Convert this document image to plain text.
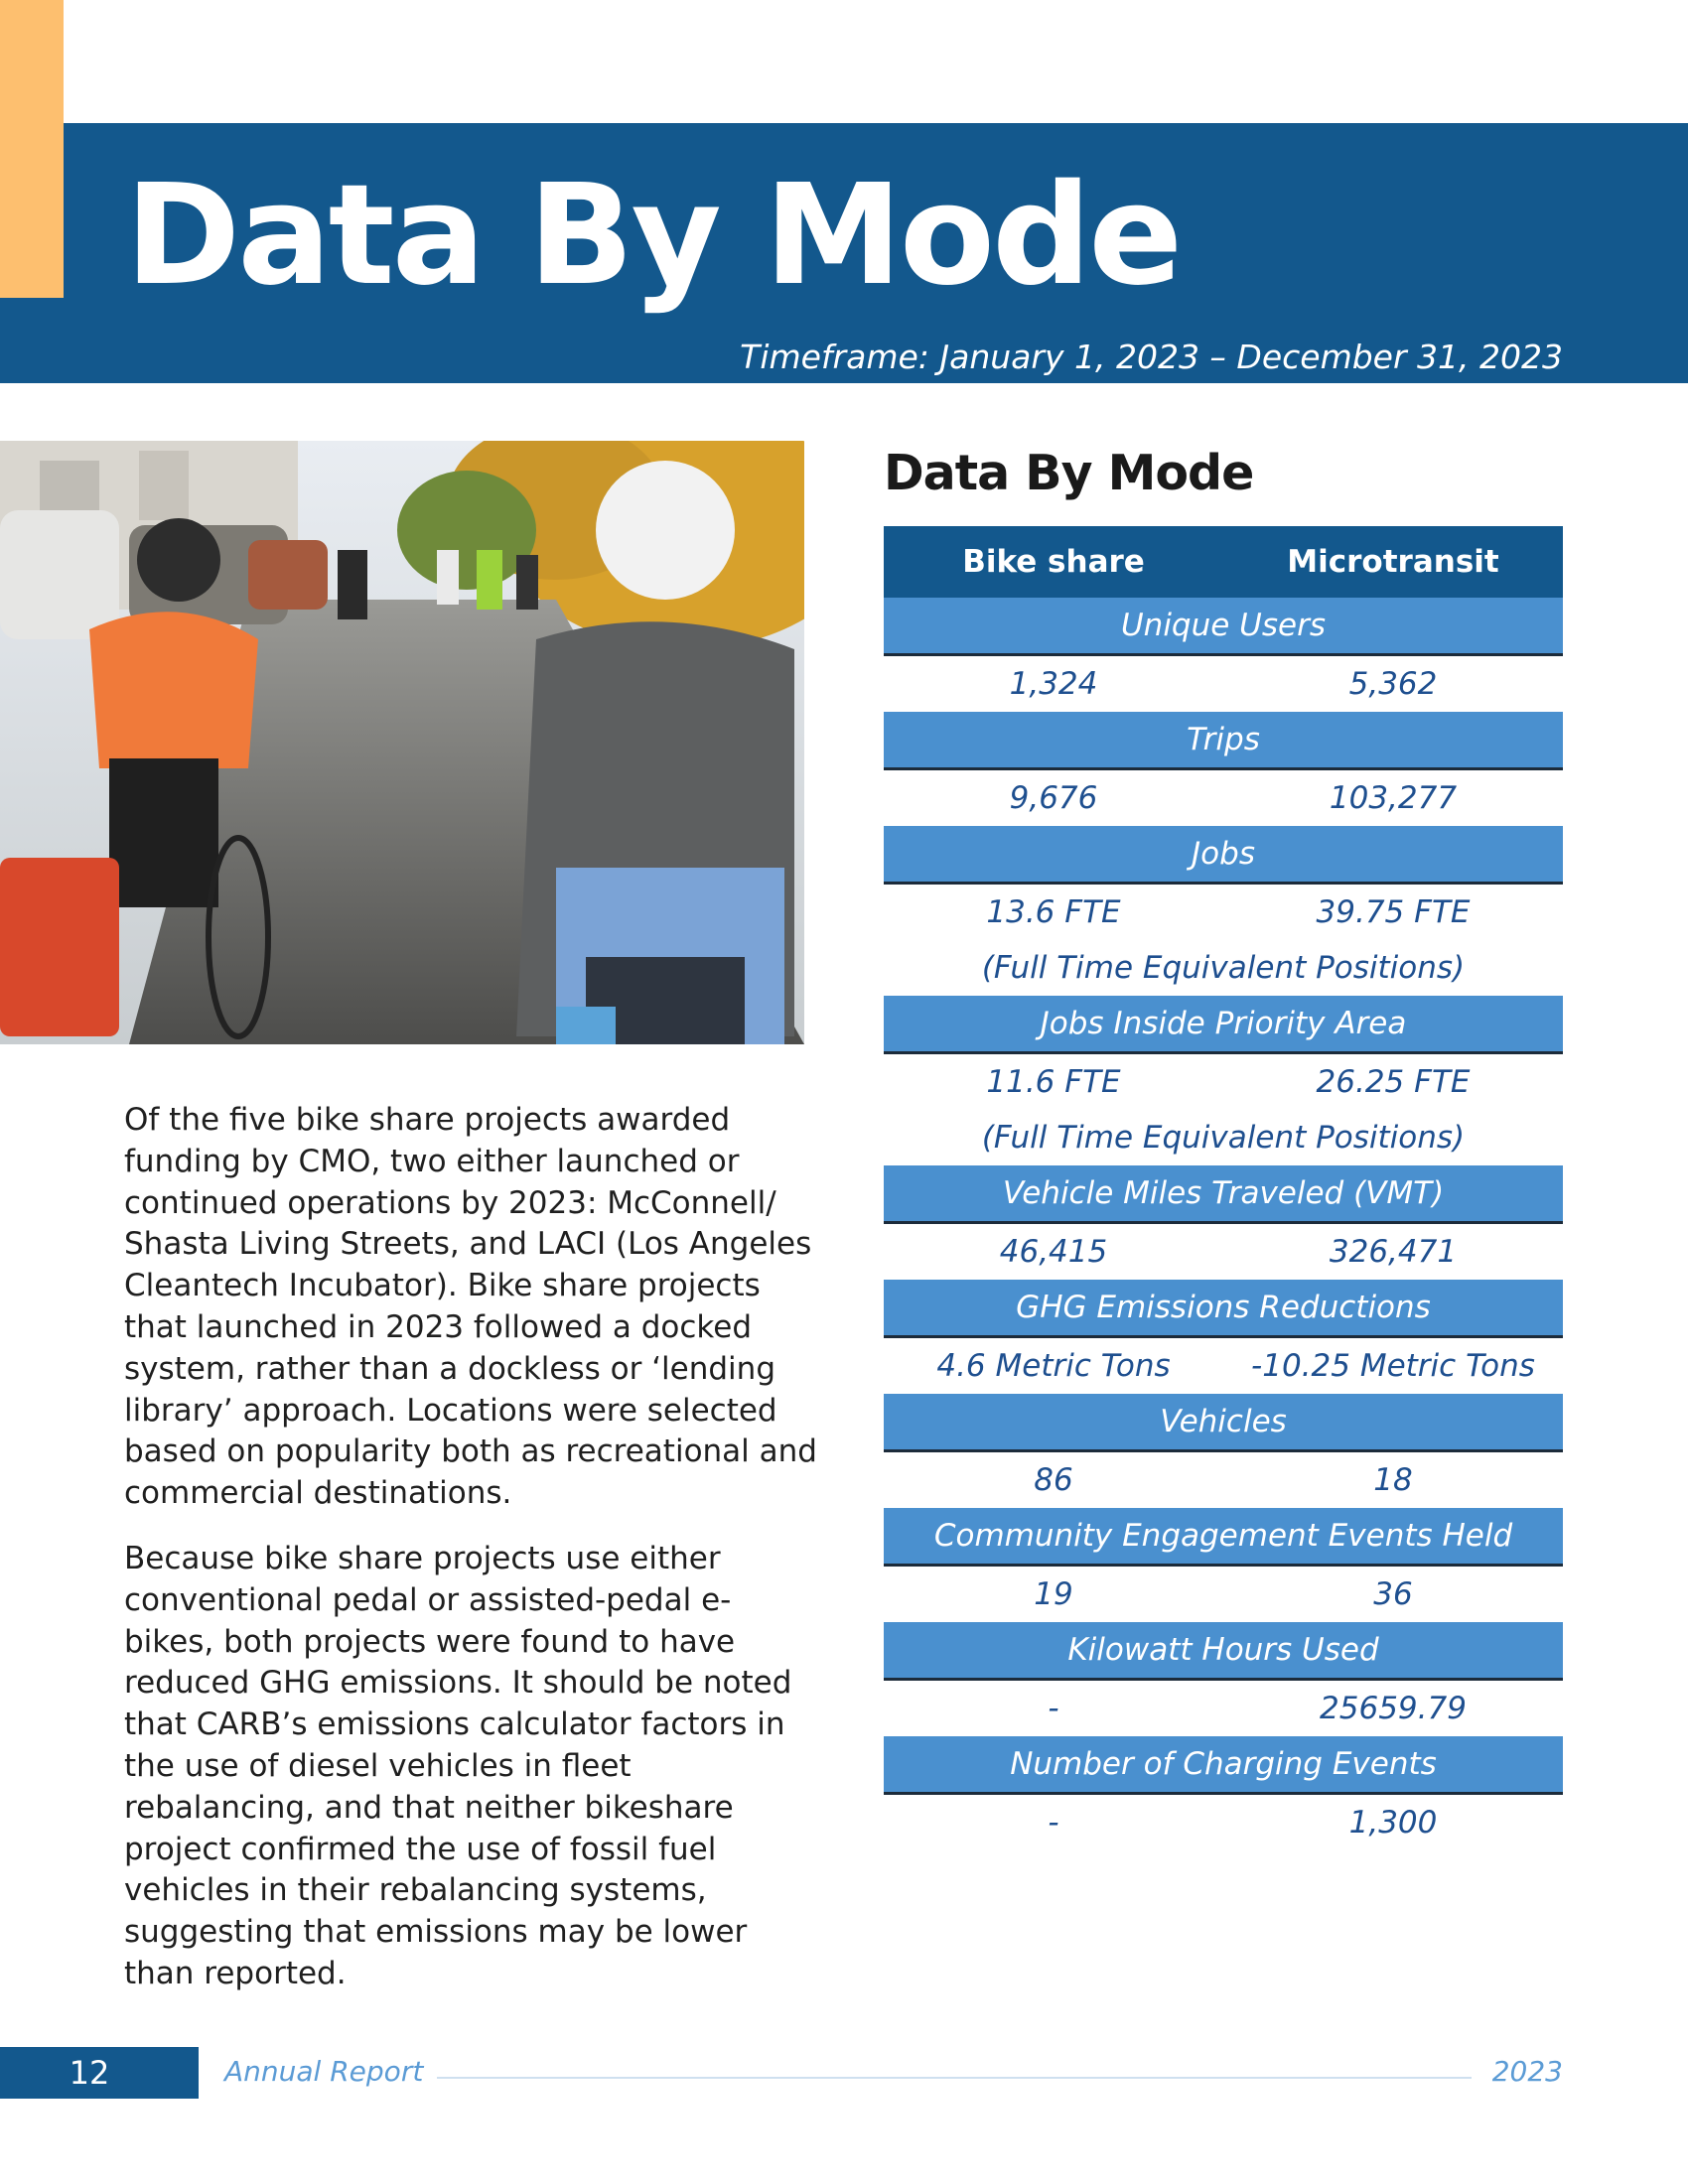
Data By Mode
Timeframe: January 1, 2023 – December 31, 2023

Of the five bike share projects awarded funding by CMO, two either launched or continued operations by 2023: McConnell/ Shasta Living Streets, and LACI (Los Angeles Cleantech Incubator). Bike share projects that launched in 2023 followed a docked system, rather than a dockless or ‘lending library’ approach. Locations were selected based on popularity both as recreational and commercial destinations.

Because bike share projects use either conventional pedal or assisted-pedal e-bikes, both projects were found to have reduced GHG emissions. It should be noted that CARB’s emissions calculator factors in the use of diesel vehicles in fleet rebalancing, and that neither bikeshare project confirmed the use of fossil fuel vehicles in their rebalancing systems, suggesting that emissions may be lower than reported.

Data By Mode
Bike share	Microtransit
Unique Users
1,324	5,362
Trips
9,676	103,277
Jobs
13.6 FTE	39.75 FTE
(Full Time Equivalent Positions)
Jobs Inside Priority Area
11.6 FTE	26.25 FTE
(Full Time Equivalent Positions)
Vehicle Miles Traveled (VMT)
46,415	326,471
GHG Emissions Reductions
4.6 Metric Tons	-10.25 Metric Tons
Vehicles
86	18
Community Engagement Events Held
19	36
Kilowatt Hours Used
-	25659.79
Number of Charging Events
-	1,300
12	Annual Report	2023
